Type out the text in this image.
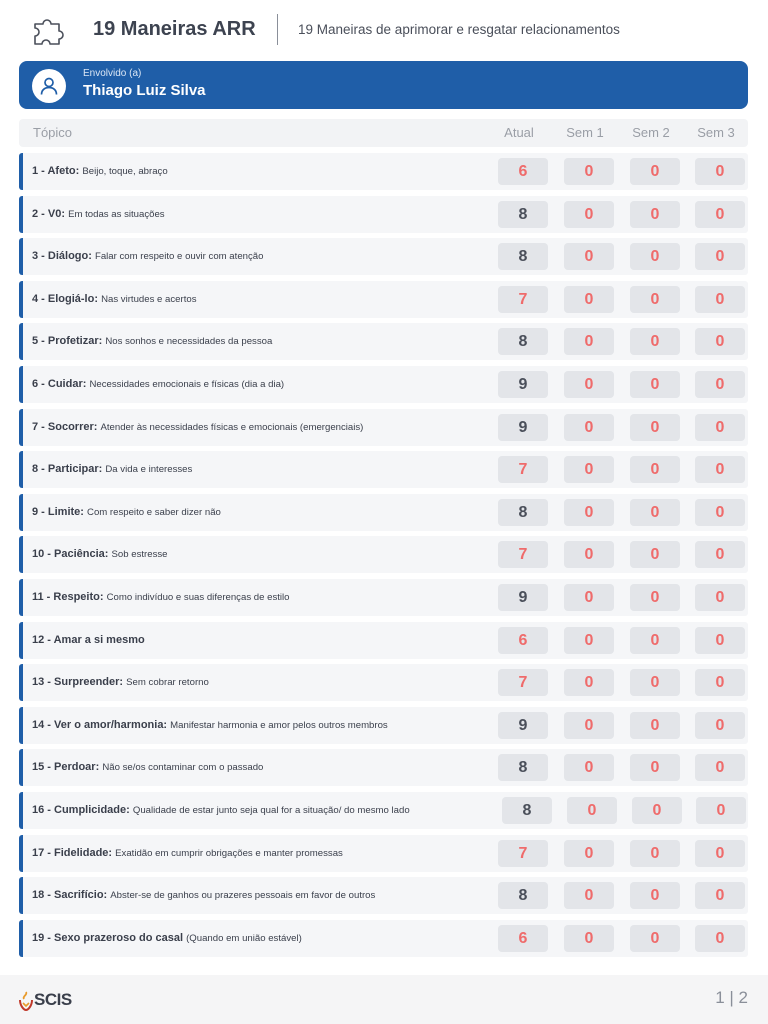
19 Maneiras ARR	19 Maneiras de aprimorar e resgatar relacionamentos
Envolvido (a)
Thiago Luiz Silva
Tópico	Atual	Sem 1	Sem 2	Sem 3
1 - Afeto: Beijo, toque, abraço	6	0	0	0
2 - V0: Em todas as situações	8	0	0	0
3 - Diálogo: Falar com respeito e ouvir com atenção	8	0	0	0
4 - Elogiá-lo: Nas virtudes e acertos	7	0	0	0
5 - Profetizar: Nos sonhos e necessidades da pessoa	8	0	0	0
6 - Cuidar: Necessidades emocionais e físicas (dia a dia)	9	0	0	0
7 - Socorrer: Atender às necessidades físicas e emocionais (emergenciais)	9	0	0	0
8 - Participar: Da vida e interesses	7	0	0	0
9 - Limite: Com respeito e saber dizer não	8	0	0	0
10 - Paciência: Sob estresse	7	0	0	0
11 - Respeito: Como indivíduo e suas diferenças de estilo	9	0	0	0
12 - Amar a si mesmo	6	0	0	0
13 - Surpreender: Sem cobrar retorno	7	0	0	0
14 - Ver o amor/harmonia: Manifestar harmonia e amor pelos outros membros	9	0	0	0
15 - Perdoar: Não se/os contaminar com o passado	8	0	0	0
16 - Cumplicidade: Qualidade de estar junto seja qual for a situação/ do mesmo lado	8	0	0	0
17 - Fidelidade: Exatidão em cumprir obrigações e manter promessas	7	0	0	0
18 - Sacrifício: Abster-se de ganhos ou prazeres pessoais em favor de outros	8	0	0	0
19 - Sexo prazeroso do casal (Quando em união estável)	6	0	0	0
SCIS	1 | 2
